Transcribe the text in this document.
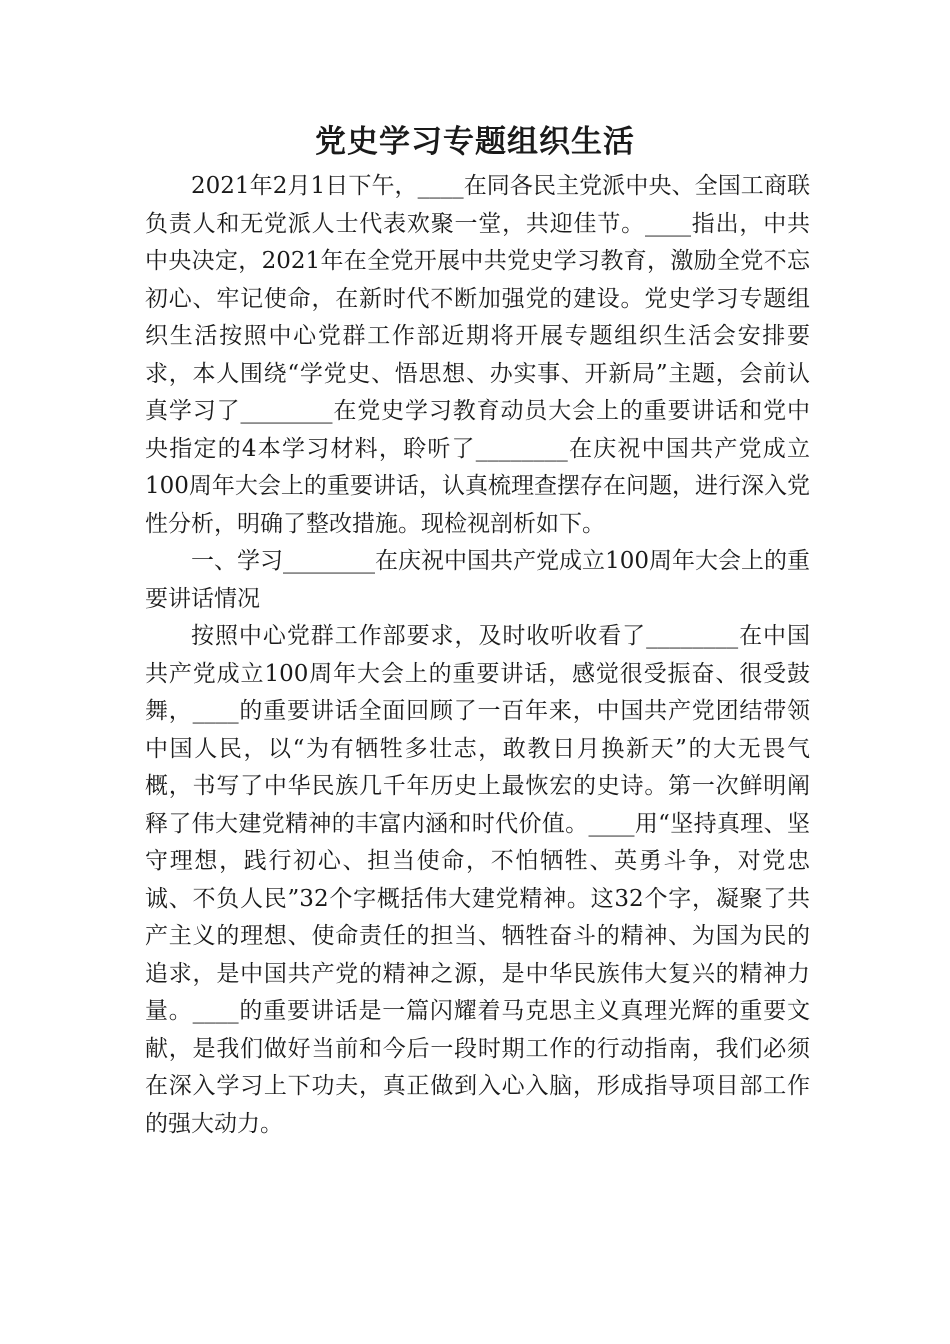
党史学习专题组织生活

2021年2月1日下午，____在同各民主党派中央、全国工商联负责人和无党派人士代表欢聚一堂，共迎佳节。____指出，中共中央决定，2021年在全党开展中共党史学习教育，激励全党不忘初心、牢记使命，在新时代不断加强党的建设。党史学习专题组织生活按照中心党群工作部近期将开展专题组织生活会安排要求，本人围绕“学党史、悟思想、办实事、开新局”主题，会前认真学习了________在党史学习教育动员大会上的重要讲话和党中央指定的4本学习材料，聆听了________在庆祝中国共产党成立100周年大会上的重要讲话，认真梳理查摆存在问题，进行深入党性分析，明确了整改措施。现检视剖析如下。

一、学习________在庆祝中国共产党成立100周年大会上的重要讲话情况

按照中心党群工作部要求，及时收听收看了________在中国共产党成立100周年大会上的重要讲话，感觉很受振奋、很受鼓舞，____的重要讲话全面回顾了一百年来，中国共产党团结带领中国人民，以“为有牺牲多壮志，敢教日月换新天”的大无畏气概，书写了中华民族几千年历史上最恢宏的史诗。第一次鲜明阐释了伟大建党精神的丰富内涵和时代价值。____用“坚持真理、坚守理想，践行初心、担当使命，不怕牺牲、英勇斗争，对党忠诚、不负人民”32个字概括伟大建党精神。这32个字，凝聚了共产主义的理想、使命责任的担当、牺牲奋斗的精神、为国为民的追求，是中国共产党的精神之源，是中华民族伟大复兴的精神力量。____的重要讲话是一篇闪耀着马克思主义真理光辉的重要文献，是我们做好当前和今后一段时期工作的行动指南，我们必须在深入学习上下功夫，真正做到入心入脑，形成指导项目部工作的强大动力。
